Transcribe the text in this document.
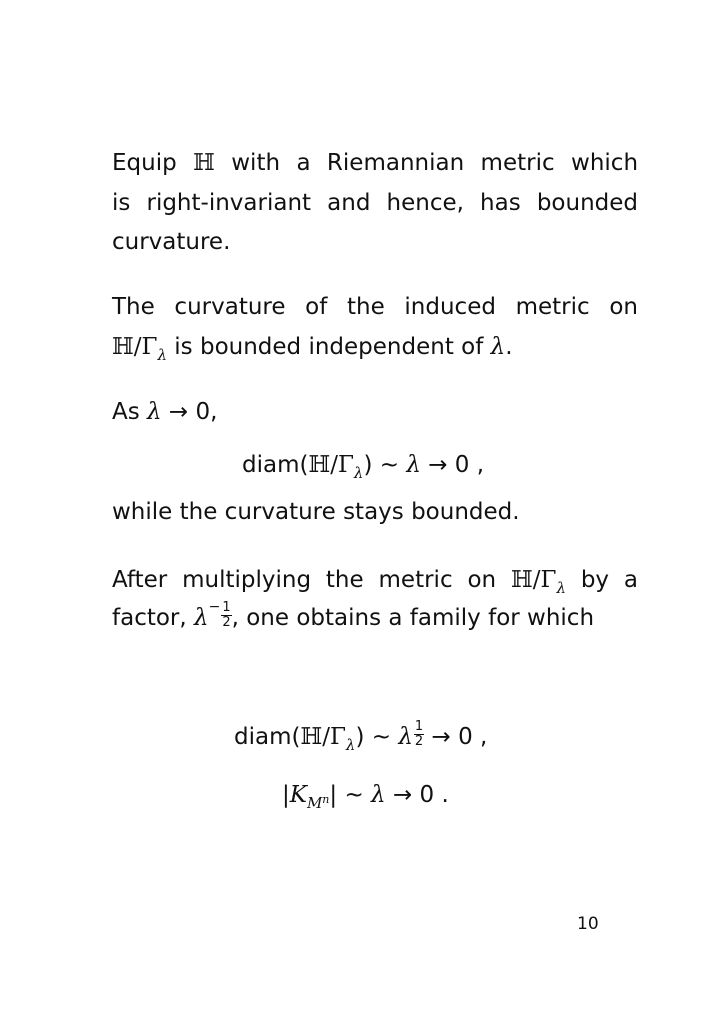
Equip ℍ with a Riemannian metric which
is right-invariant and hence, has bounded
curvature.
The curvature of the induced metric on
$ℍ/\Gamma_\lambda$ is bounded independent of λ.
As λ → 0,
$diam(ℍ/\Gamma_\lambda)$ ∼ λ → 0 ,
while the curvature stays bounded.
After multiplying the metric on $ℍ/\Gamma_\lambda$ by a
factor, $\lambda- \frac{1}{2}$ , one obtains a family for which
$diam(ℍ/\Gamma_\lambda)$ ∼ λ $\frac{1}{2} \to 0$ ,
$|K_Mn|$ ∼ λ → 0 .
10
